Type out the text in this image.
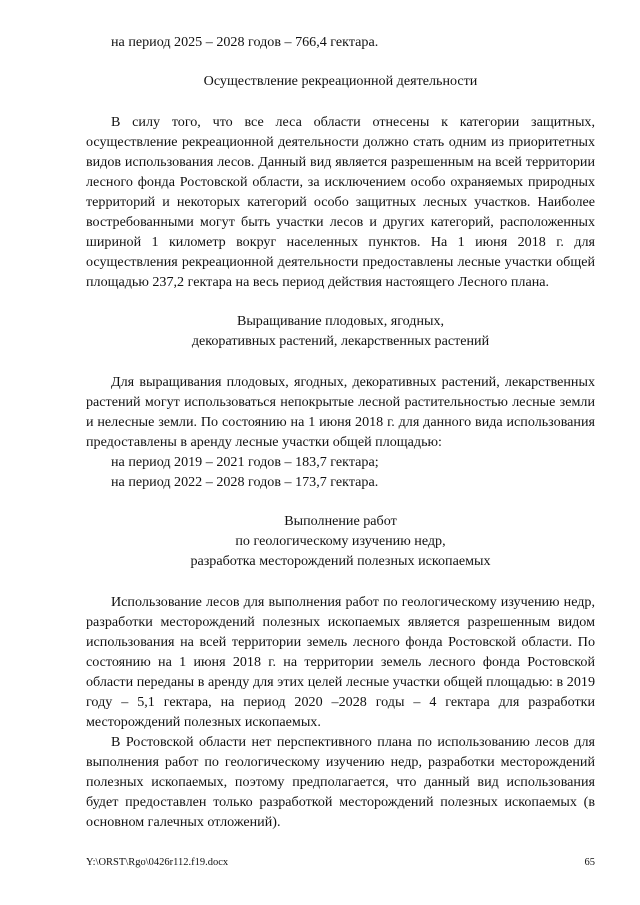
на период 2025 – 2028 годов – 766,4 гектара.

Осуществление рекреационной деятельности

В силу того, что все леса области отнесены к категории защитных, осуществление рекреационной деятельности должно стать одним из приоритетных видов использования лесов. Данный вид является разрешенным на всей территории лесного фонда Ростовской области, за исключением особо охраняемых природных территорий и некоторых категорий особо защитных лесных участков. Наиболее востребованными могут быть участки лесов и других категорий, расположенных шириной 1 километр вокруг населенных пунктов. На 1 июня 2018 г. для осуществления рекреационной деятельности предоставлены лесные участки общей площадью 237,2 гектара на весь период действия настоящего Лесного плана.

Выращивание плодовых, ягодных,

декоративных растений, лекарственных растений

Для выращивания плодовых, ягодных, декоративных растений, лекарственных растений могут использоваться непокрытые лесной растительностью лесные земли и нелесные земли. По состоянию на 1 июня 2018 г. для данного вида использования предоставлены в аренду лесные участки общей площадью:

на период 2019 – 2021 годов – 183,7 гектара;

на период 2022 – 2028 годов – 173,7 гектара.

Выполнение работ

по геологическому изучению недр,

разработка месторождений полезных ископаемых

Использование лесов для выполнения работ по геологическому изучению недр, разработки месторождений полезных ископаемых является разрешенным видом использования на всей территории земель лесного фонда Ростовской области. По состоянию на 1 июня 2018 г. на территории земель лесного фонда Ростовской области переданы в аренду для этих целей лесные участки общей площадью: в 2019 году – 5,1 гектара, на период 2020 –2028 годы – 4 гектара для разработки месторождений полезных ископаемых.

В Ростовской области нет перспективного плана по использованию лесов для выполнения работ по геологическому изучению недр, разработки месторождений полезных ископаемых, поэтому предполагается, что данный вид использования будет предоставлен только разработкой месторождений полезных ископаемых (в основном галечных отложений).

Y:\ORST\Rgo\0426r112.f19.docx	65
